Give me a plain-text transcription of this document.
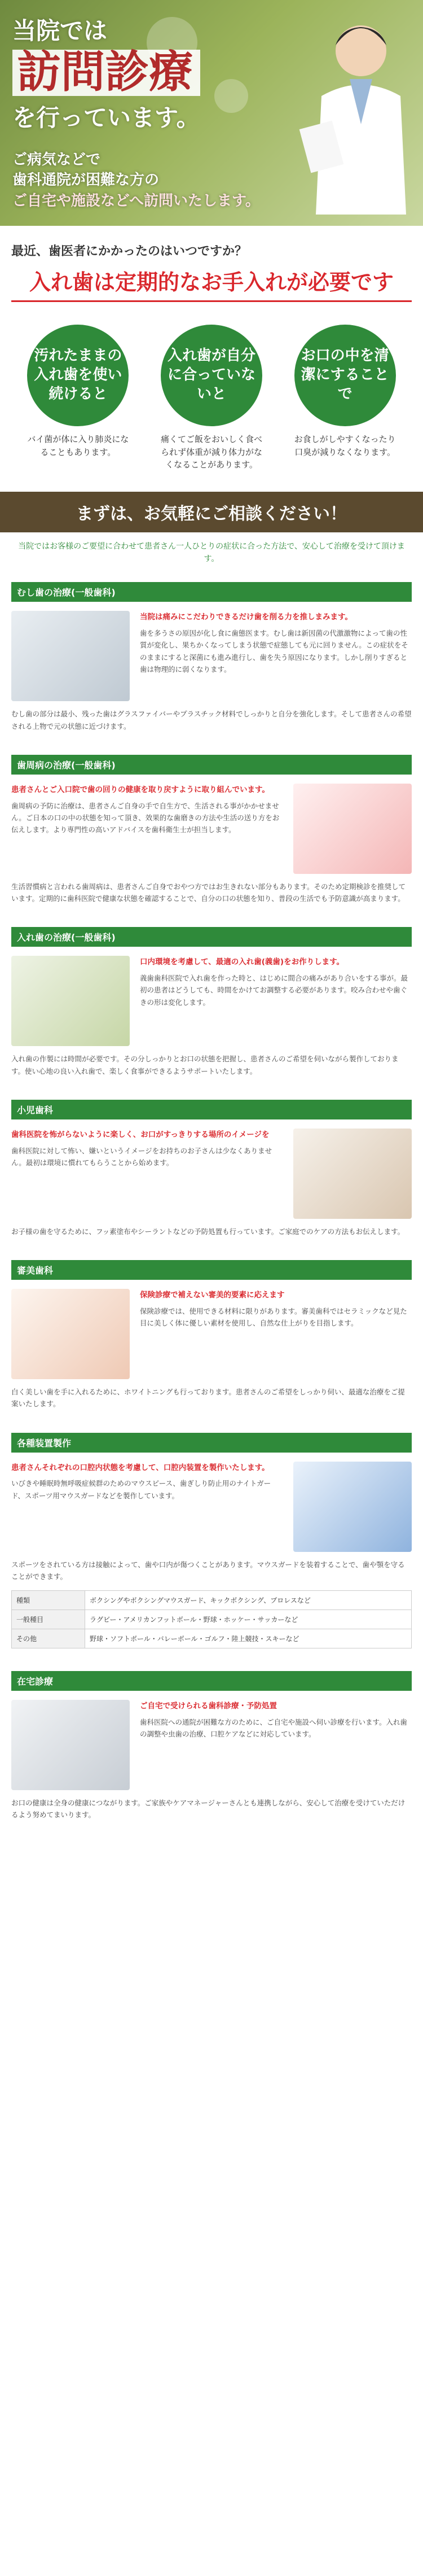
当院では
訪問診療
を行っています。
ご病気などで
歯科通院が困難な方の
ご自宅や施設などへ訪問いたします。
最近、歯医者にかかったのはいつですか？
入れ歯は定期的なお手入れが必要です
汚れたままの入れ歯を使い続けると

バイ菌が体に入り肺炎になることもあります。

入れ歯が自分に合っていないと

痛くてご飯をおいしく食べられず体重が減り体力がなくなることがあります。

お口の中を清潔にすることで

お食しがしやすくなったり口臭が減りなくなります。

まずは、お気軽にご相談ください！
当院ではお客様のご要望に合わせて患者さん一人ひとりの症状に合った方法で、安心して治療を受けて頂けます。
むし歯の治療(一般歯科)
当院は痛みにこだわりできるだけ歯を削る力を推しまみます。
歯を多うさの原因が化し食に歯態医ます。むし歯は新因菌の代激激物によって歯の性質が変化し、果ちかくなってしまう状態で症態しても元に回りません。この症状をそのままにすると深菌にも進み進行し、歯を失う原因になります。しかし削りすぎると歯は物理的に弱くなります。
むし歯の部分は最小、残った歯はグラスファイバーやプラスチック材料でしっかりと自分を強化します。そして患者さんの希望される上物で元の状態に近づけます。
歯周病の治療(一般歯科)
患者さんとご入口院で歯の回りの健康を取り戻すように取り組んでいます。
歯周病の予防に治療は、患者さんご自身の手で自生方で、生活される事がかかせません。ご日本の口の中の状態を知って頂き、效果的な歯磨きの方法や生活の送り方をお伝えします。より専門性の高いアドバイスを歯科衛生士が担当します。
生活習慣病と言われる歯周病は、患者さんご自身でおやつ方ではお生きれない部分もあります。そのため定期検診を推奨しています。定期的に歯科医院で健康な状態を確認することで、自分の口の状態を知り、普段の生活でも予防意識が高まります。
入れ歯の治療(一般歯科)
口内環境を考慮して、最適の入れ歯(義歯)をお作りします。
義歯歯科医院で入れ歯を作った時と、はじめに間合の痛みがあり合いをする事が。最初の患者はどうしても、時間をかけてお調整する必要があります。咬み合わせや歯ぐきの形は変化します。
入れ歯の作製には時間が必要です。その分しっかりとお口の状態を把握し、患者さんのご希望を伺いながら製作しております。使い心地の良い入れ歯で、楽しく食事ができるようサポートいたします。
小児歯科
歯科医院を怖がらないように楽しく、お口がすっきりする場所のイメージを
歯科医院に対して怖い、嫌いというイメージをお持ちのお子さんは少なくありません。最初は環境に慣れてもらうことから始めます。
お子様の歯を守るために、フッ素塗布やシーラントなどの予防処置も行っています。ご家庭でのケアの方法もお伝えします。
審美歯科
保険診療で補えない審美的要素に応えます
保険診療では、使用できる材料に限りがあります。審美歯科ではセラミックなど見た目に美しく体に優しい素材を使用し、自然な仕上がりを目指します。
白く美しい歯を手に入れるために、ホワイトニングも行っております。患者さんのご希望をしっかり伺い、最適な治療をご提案いたします。
各種装置製作
患者さんそれぞれの口腔内状態を考慮して、口腔内装置を製作いたします。
いびきや睡眠時無呼吸症候群のためのマウスピース、歯ぎしり防止用のナイトガード、スポーツ用マウスガードなどを製作しています。
スポーツをされている方は接触によって、歯や口内が傷つくことがあります。マウスガードを装着することで、歯や顎を守ることができます。
種類	ボクシングやボクシングマウスガード、キックボクシング、プロレスなど
一般種目	ラグビー・アメリカンフットボール・野球・ホッケー・サッカーなど
その他	野球・ソフトボール・バレーボール・ゴルフ・陸上競技・スキーなど
在宅診療
ご自宅で受けられる歯科診療・予防処置
歯科医院への通院が困難な方のために、ご自宅や施設へ伺い診療を行います。入れ歯の調整や虫歯の治療、口腔ケアなどに対応しています。
お口の健康は全身の健康につながります。ご家族やケアマネージャーさんとも連携しながら、安心して治療を受けていただけるよう努めてまいります。
